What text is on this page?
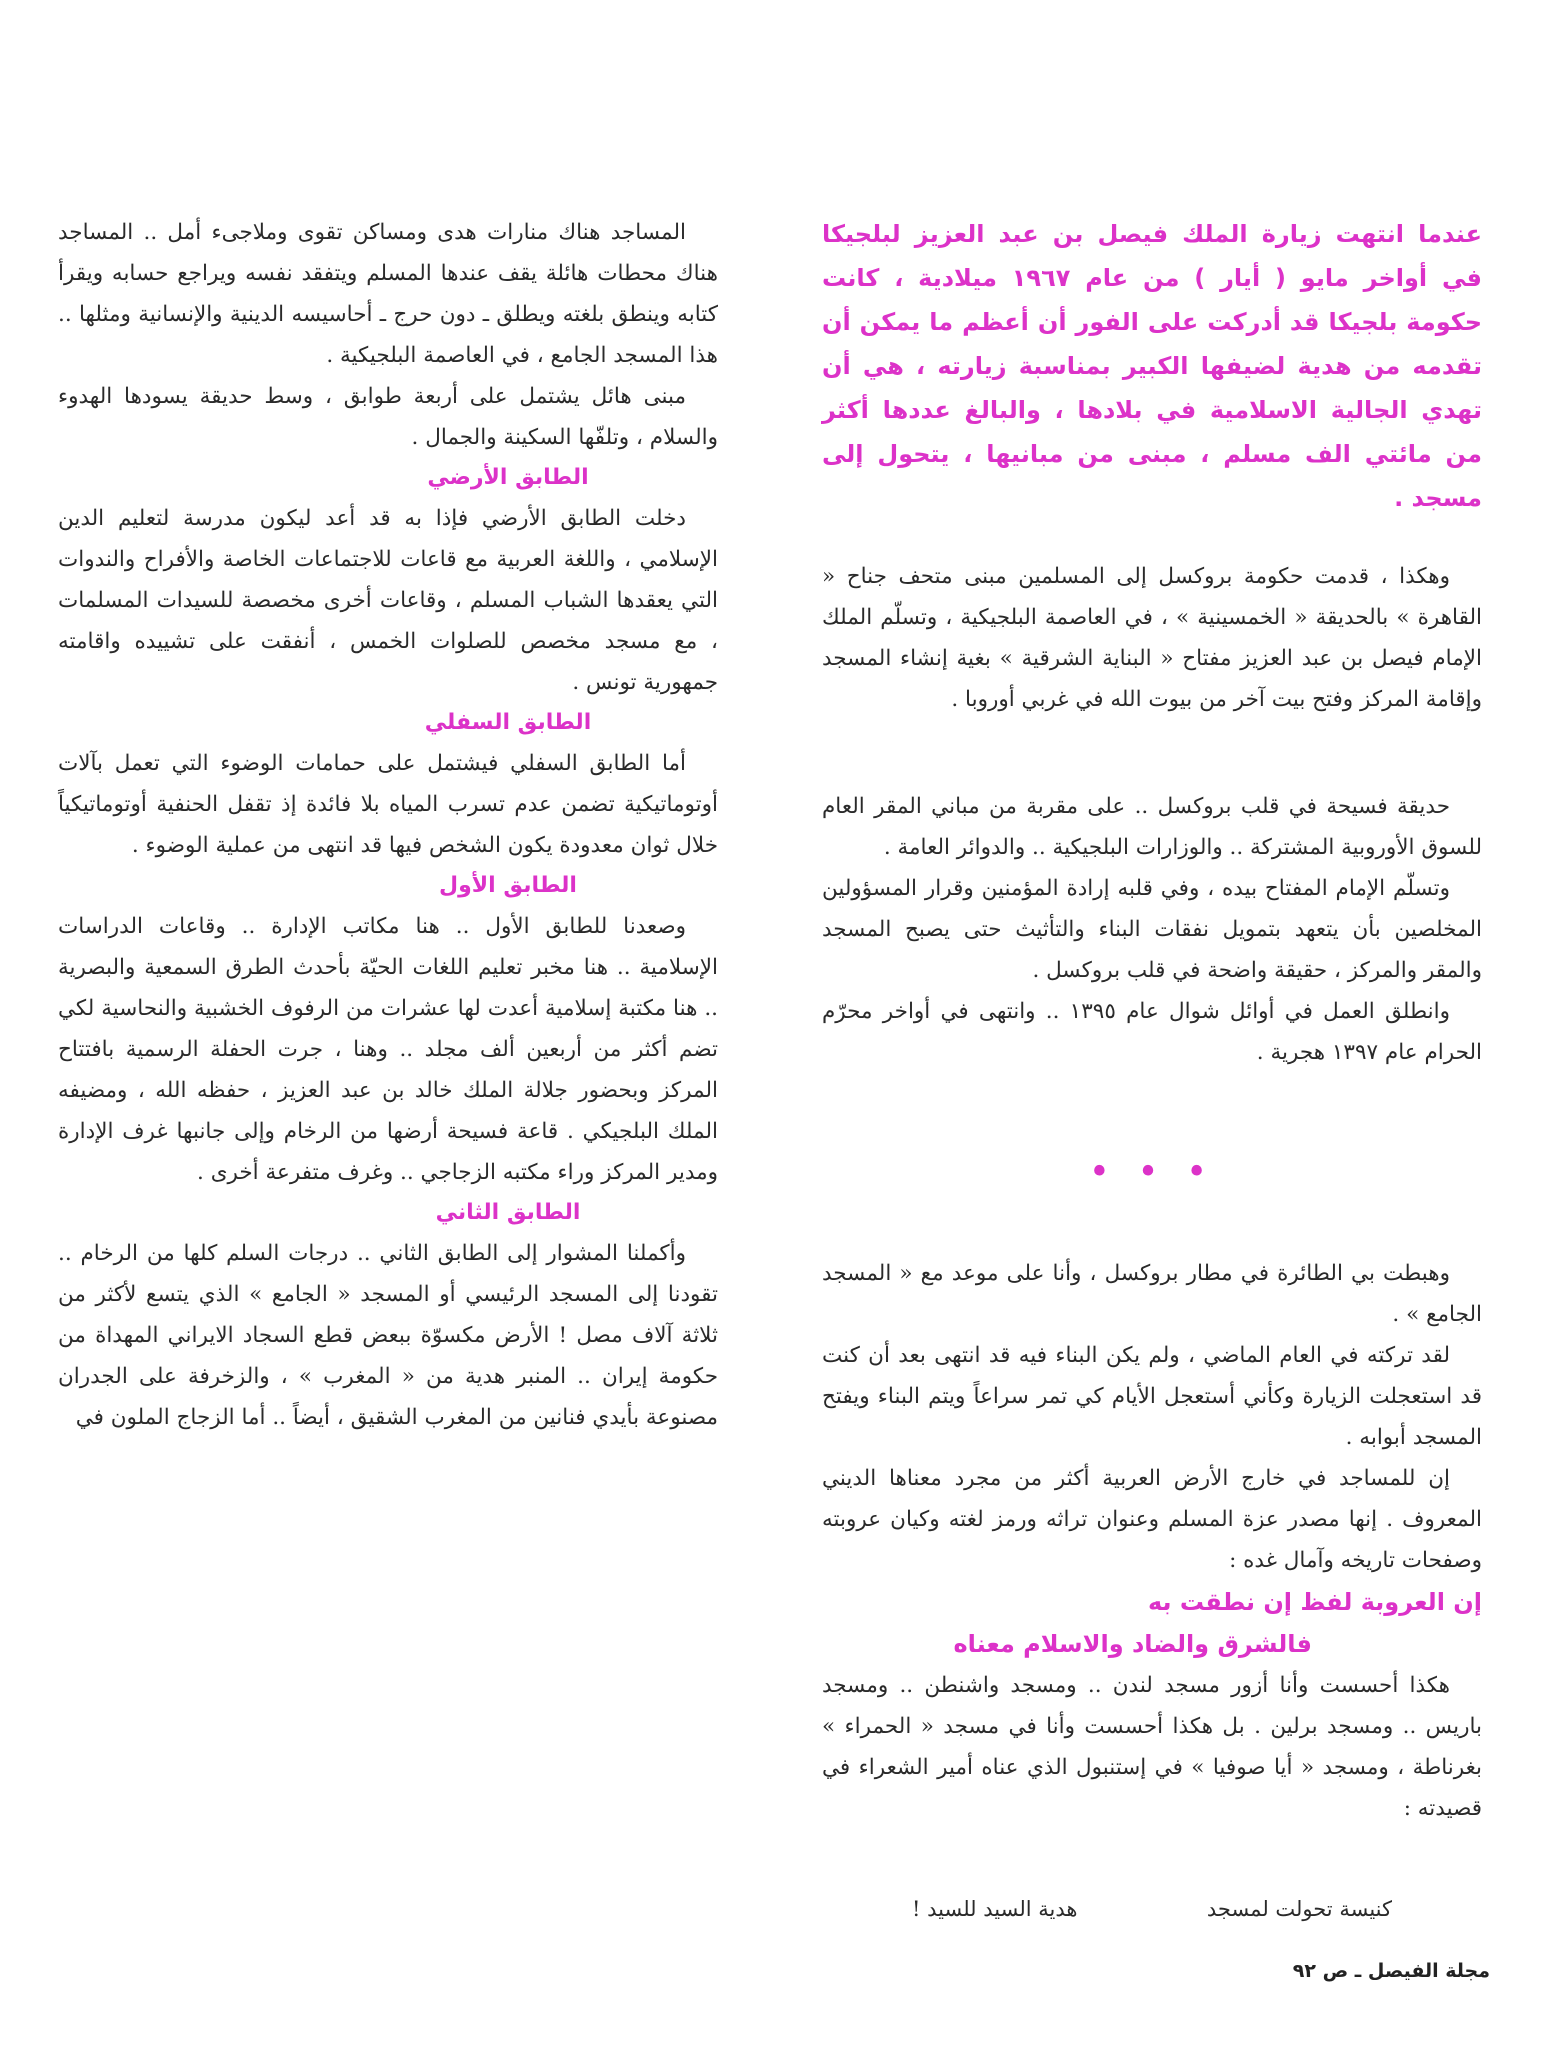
عندما انتهت زيارة الملك فيصل بن عبد العزيز لبلجيكا في أواخر مايو ( أيار ) من عام ١٩٦٧ ميلادية ، كانت حكومة بلجيكا قد أدركت على الفور أن أعظم ما يمكن أن تقدمه من هدية لضيفها الكبير بمناسبة زيارته ، هي أن تهدي الجالية الاسلامية في بلادها ، والبالغ عددها أكثر من مائتي الف مسلم ، مبنى من مبانيها ، يتحول إلى مسجد .

وهكذا ، قدمت حكومة بروكسل إلى المسلمين مبنى متحف جناح « القاهرة » بالحديقة « الخمسينية » ، في العاصمة البلجيكية ، وتسلّم الملك الإمام فيصل بن عبد العزيز مفتاح « البناية الشرقية » بغية إنشاء المسجد وإقامة المركز وفتح بيت آخر من بيوت الله في غربي أوروبا .

حديقة فسيحة في قلب بروكسل .. على مقربة من مباني المقر العام للسوق الأوروبية المشتركة .. والوزارات البلجيكية .. والدوائر العامة .

وتسلّم الإمام المفتاح بيده ، وفي قلبه إرادة المؤمنين وقرار المسؤولين المخلصين بأن يتعهد بتمويل نفقات البناء والتأثيث حتى يصبح المسجد والمقر والمركز ، حقيقة واضحة في قلب بروكسل .

وانطلق العمل في أوائل شوال عام ١٣٩٥ .. وانتهى في أواخر محرّم الحرام عام ١٣٩٧ هجرية .

• • •

وهبطت بي الطائرة في مطار بروكسل ، وأنا على موعد مع « المسجد الجامع » .

لقد تركته في العام الماضي ، ولم يكن البناء فيه قد انتهى بعد أن كنت قد استعجلت الزيارة وكأني أستعجل الأيام كي تمر سراعاً ويتم البناء ويفتح المسجد أبوابه .

إن للمساجد في خارج الأرض العربية أكثر من مجرد معناها الديني المعروف . إنها مصدر عزة المسلم وعنوان تراثه ورمز لغته وكيان عروبته وصفحات تاريخه وآمال غده :

إن العروبة لفظ إن نطقت به

فالشرق والضاد والاسلام معناه

هكذا أحسست وأنا أزور مسجد لندن .. ومسجد واشنطن .. ومسجد باريس .. ومسجد برلين . بل هكذا أحسست وأنا في مسجد « الحمراء » بغرناطة ، ومسجد « أيا صوفيا » في إستنبول الذي عناه أمير الشعراء في قصيدته :

كنيسة تحولت لمسجد
هدية السيد للسيد !

المساجد هناك منارات هدى ومساكن تقوى وملاجىء أمل .. المساجد هناك محطات هائلة يقف عندها المسلم ويتفقد نفسه ويراجع حسابه ويقرأ كتابه وينطق بلغته ويطلق ـ دون حرج ـ أحاسيسه الدينية والإنسانية ومثلها .. هذا المسجد الجامع ، في العاصمة البلجيكية .

مبنى هائل يشتمل على أربعة طوابق ، وسط حديقة يسودها الهدوء والسلام ، وتلفّها السكينة والجمال .

الطابق الأرضي

دخلت الطابق الأرضي فإذا به قد أعد ليكون مدرسة لتعليم الدين الإسلامي ، واللغة العربية مع قاعات للاجتماعات الخاصة والأفراح والندوات التي يعقدها الشباب المسلم ، وقاعات أخرى مخصصة للسيدات المسلمات ، مع مسجد مخصص للصلوات الخمس ، أنفقت على تشييده واقامته جمهورية تونس .

الطابق السفلي

أما الطابق السفلي فيشتمل على حمامات الوضوء التي تعمل بآلات أوتوماتيكية تضمن عدم تسرب المياه بلا فائدة إذ تقفل الحنفية أوتوماتيكياً خلال ثوان معدودة يكون الشخص فيها قد انتهى من عملية الوضوء .

الطابق الأول

وصعدنا للطابق الأول .. هنا مكاتب الإدارة .. وقاعات الدراسات الإسلامية .. هنا مخبر تعليم اللغات الحيّة بأحدث الطرق السمعية والبصرية .. هنا مكتبة إسلامية أعدت لها عشرات من الرفوف الخشبية والنحاسية لكي تضم أكثر من أربعين ألف مجلد .. وهنا ، جرت الحفلة الرسمية بافتتاح المركز وبحضور جلالة الملك خالد بن عبد العزيز ، حفظه الله ، ومضيفه الملك البلجيكي . قاعة فسيحة أرضها من الرخام وإلى جانبها غرف الإدارة ومدير المركز وراء مكتبه الزجاجي .. وغرف متفرعة أخرى .

الطابق الثاني

وأكملنا المشوار إلى الطابق الثاني .. درجات السلم كلها من الرخام .. تقودنا إلى المسجد الرئيسي أو المسجد « الجامع » الذي يتسع لأكثر من ثلاثة آلاف مصل ! الأرض مكسوّة ببعض قطع السجاد الايراني المهداة من حكومة إيران .. المنبر هدية من « المغرب » ، والزخرفة على الجدران مصنوعة بأيدي فنانين من المغرب الشقيق ، أيضاً .. أما الزجاج الملون في

مجلة الفيصل ـ ص ٩٢
